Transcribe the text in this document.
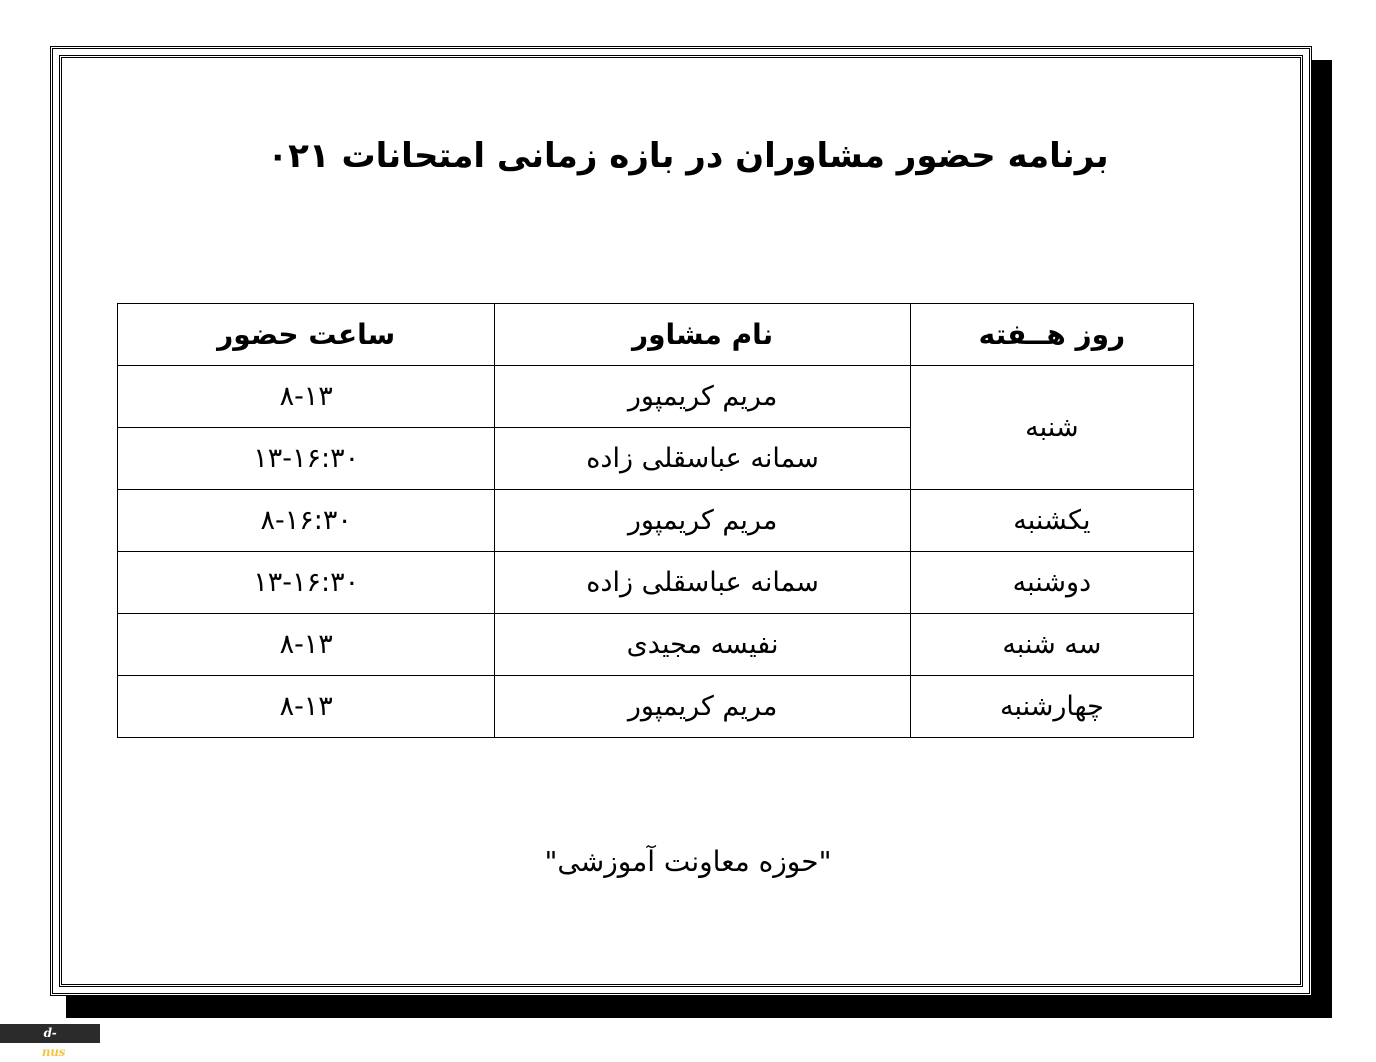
برنامه حضور مشاوران در بازه زمانی امتحانات ۰۲۱
روز هــفته	نام مشاور	ساعت حضور
شنبه	مریم کریمپور	۸-۱۳
	سمانه عباسقلی زاده	۱۳-۱۶:۳۰
یکشنبه	مریم کریمپور	۸-۱۶:۳۰
دوشنبه	سمانه عباسقلی زاده	۱۳-۱۶:۳۰
سه شنبه	نفیسه مجیدی	۸-۱۳
چهارشنبه	مریم کریمپور	۸-۱۳

"حوزه معاونت آموزشی"

d-babol.nus.ac.ir
